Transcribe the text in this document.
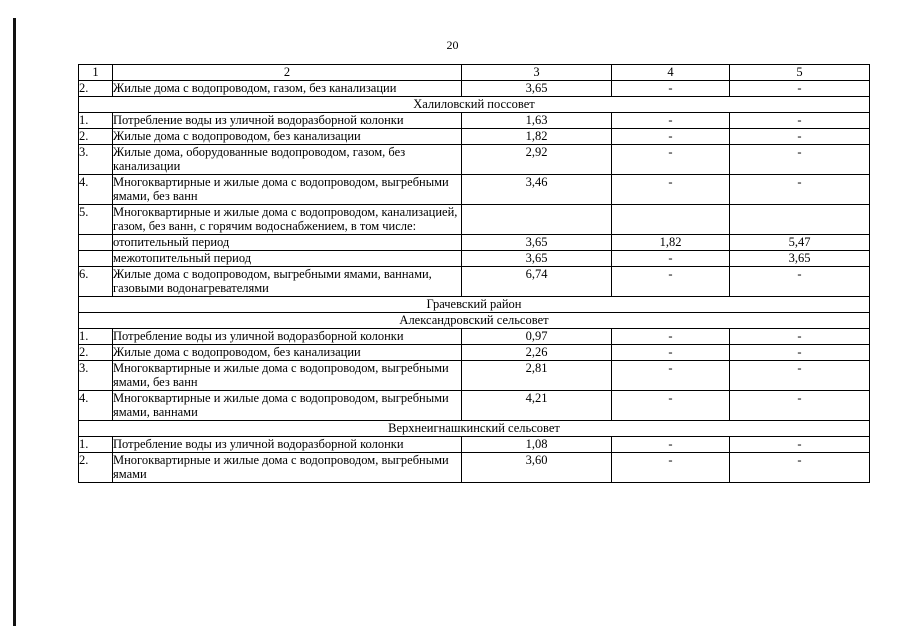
20
1	2	3	4	5
2.	Жилые дома с водопроводом, газом, без канализации	3,65	-	-
Халиловский поссовет				
1.	Потребление воды из уличной водоразборной колонки	1,63	-	-
2.	Жилые дома с водопроводом, без канализации	1,82	-	-
3.	Жилые дома, оборудованные водопроводом, газом, без канализации	2,92	-	-
4.	Многоквартирные и жилые дома с водопроводом, выгребными ямами, без ванн	3,46	-	-
5.	Многоквартирные и жилые дома с водопроводом, канализацией, газом, без ванн, с горячим водоснабжением, в том числе:			
	отопительный период	3,65	1,82	5,47
	межотопительный период	3,65	-	3,65
6.	Жилые дома с водопроводом, выгребными ямами, ваннами, газовыми водонагревателями	6,74	-	-
Грачевский район				
Александровский сельсовет				
1.	Потребление воды из уличной водоразборной колонки	0,97	-	-
2.	Жилые дома с водопроводом, без канализации	2,26	-	-
3.	Многоквартирные и жилые дома с водопроводом, выгребными ямами, без ванн	2,81	-	-
4.	Многоквартирные и жилые дома с водопроводом, выгребными ямами, ваннами	4,21	-	-
Верхнеигнашкинский сельсовет				
1.	Потребление воды из уличной водоразборной колонки	1,08	-	-
2.	Многоквартирные и жилые дома с водопроводом, выгребными ямами	3,60	-	-
